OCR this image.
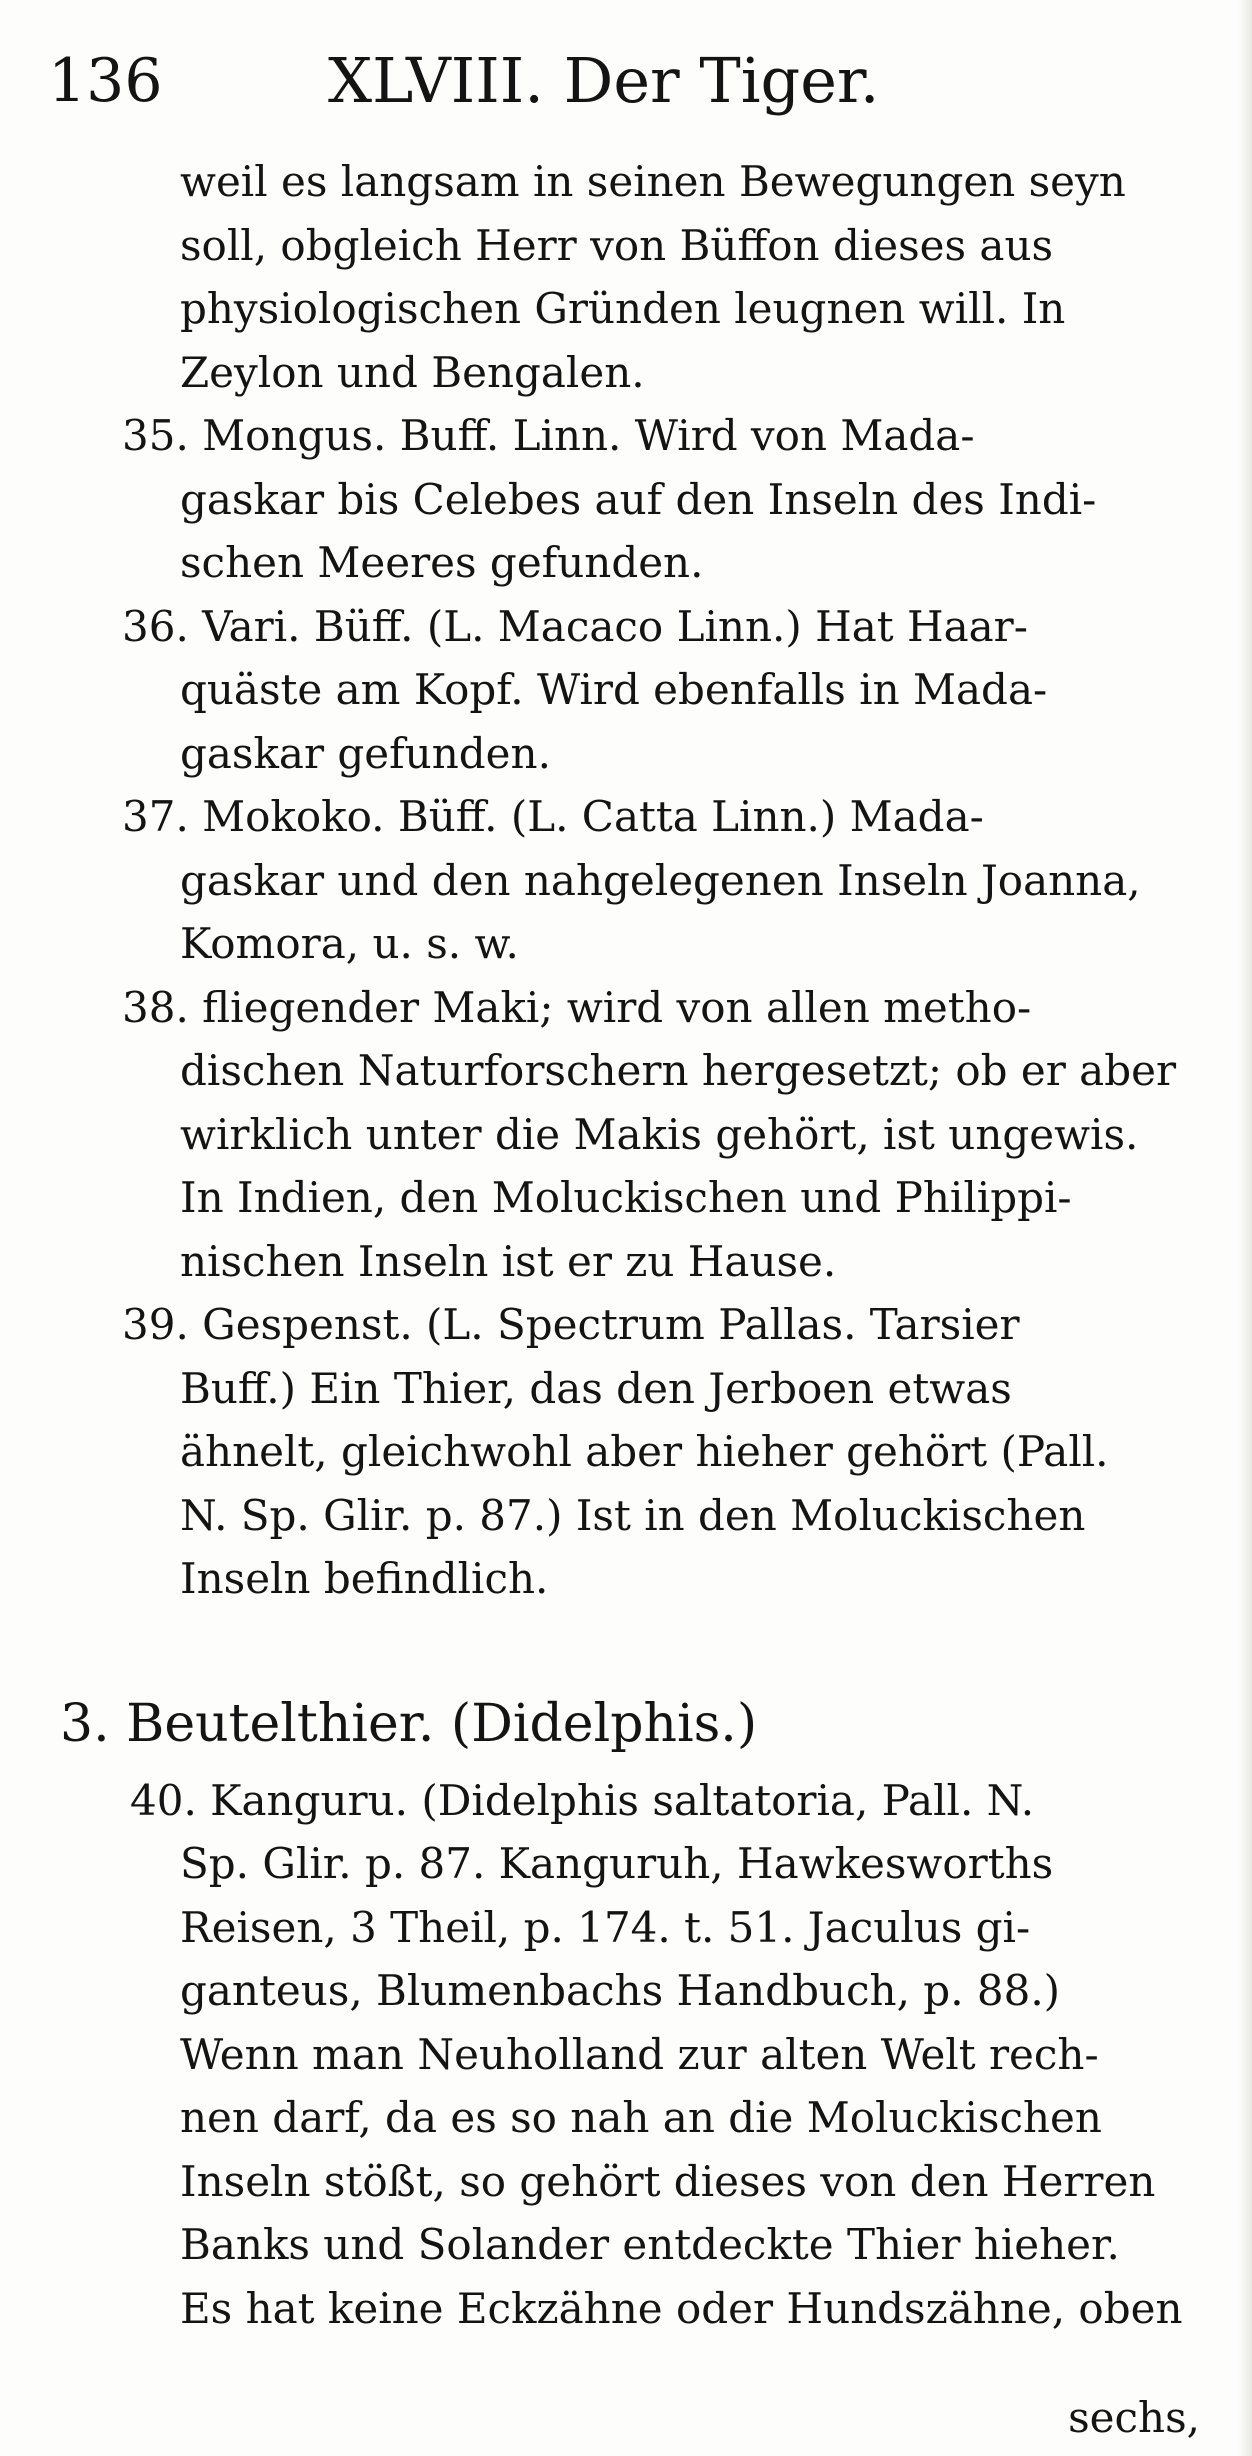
136	XLVIII. Der Tiger.
weil es langsam in seinen Bewegungen seyn
soll, obgleich Herr von Büffon dieses aus
physiologischen Gründen leugnen will. In
Zeylon und Bengalen.
35. Mongus. Buff. Linn. Wird von Mada-
gaskar bis Celebes auf den Inseln des Indi-
schen Meeres gefunden.
36. Vari. Büff. (L. Macaco Linn.) Hat Haar-
quäste am Kopf. Wird ebenfalls in Mada-
gaskar gefunden.
37. Mokoko. Büff. (L. Catta Linn.) Mada-
gaskar und den nahgelegenen Inseln Joanna,
Komora, u. s. w.
38. fliegender Maki; wird von allen metho-
dischen Naturforschern hergesetzt; ob er aber
wirklich unter die Makis gehört, ist ungewis.
In Indien, den Moluckischen und Philippi-
nischen Inseln ist er zu Hause.
39. Gespenst. (L. Spectrum Pallas. Tarsier
Buff.) Ein Thier, das den Jerboen etwas
ähnelt, gleichwohl aber hieher gehört (Pall.
N. Sp. Glir. p. 87.) Ist in den Moluckischen
Inseln befindlich.
3. Beutelthier. (Didelphis.)
40. Kanguru. (Didelphis saltatoria, Pall. N.
Sp. Glir. p. 87. Kanguruh, Hawkesworths
Reisen, 3 Theil, p. 174. t. 51. Jaculus gi-
ganteus, Blumenbachs Handbuch, p. 88.)
Wenn man Neuholland zur alten Welt rech-
nen darf, da es so nah an die Moluckischen
Inseln stößt, so gehört dieses von den Herren
Banks und Solander entdeckte Thier hieher.
Es hat keine Eckzähne oder Hundszähne, oben
sechs,
